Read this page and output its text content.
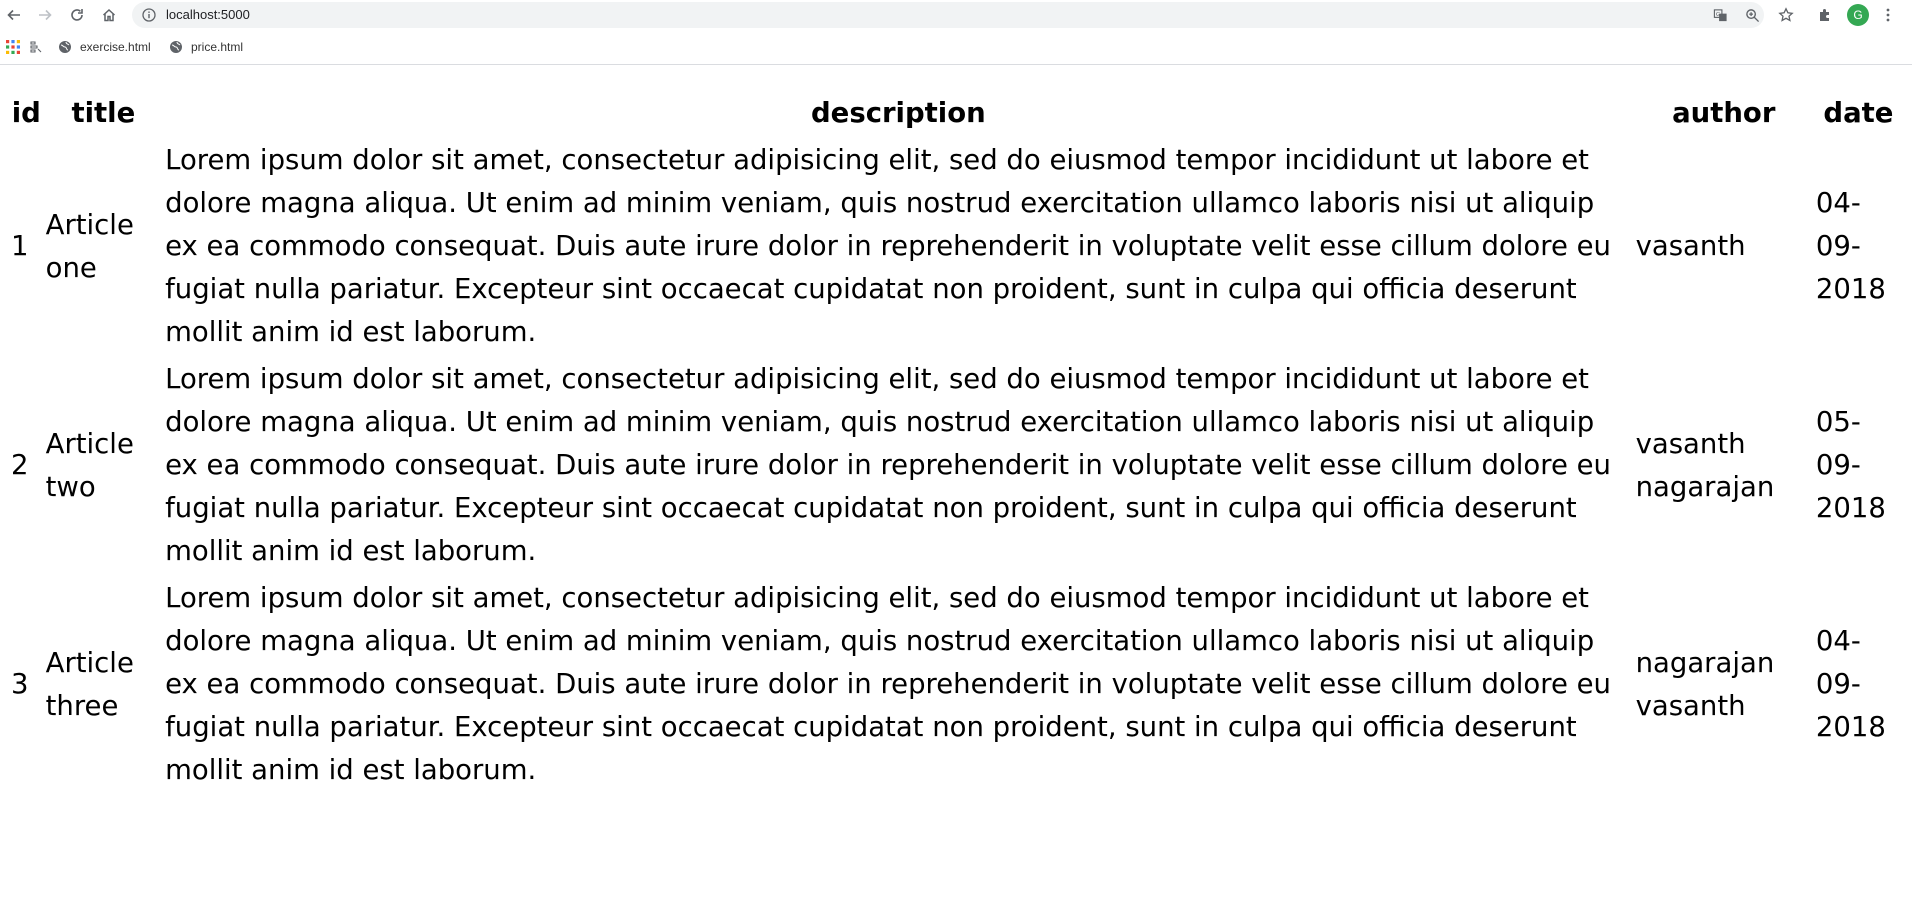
localhost:5000	G	G
exercise.html	price.html
id	title	description	author	date
1	Article one	Lorem ipsum dolor sit amet, consectetur adipisicing elit, sed do eiusmod tempor incididunt ut labore et dolore magna aliqua. Ut enim ad minim veniam, quis nostrud exercitation ullamco laboris nisi ut aliquip ex ea commodo consequat. Duis aute irure dolor in reprehenderit in voluptate velit esse cillum dolore eu fugiat nulla pariatur. Excepteur sint occaecat cupidatat non proident, sunt in culpa qui officia deserunt mollit anim id est laborum.	vasanth	04-09-2018
2	Article two	Lorem ipsum dolor sit amet, consectetur adipisicing elit, sed do eiusmod tempor incididunt ut labore et dolore magna aliqua. Ut enim ad minim veniam, quis nostrud exercitation ullamco laboris nisi ut aliquip ex ea commodo consequat. Duis aute irure dolor in reprehenderit in voluptate velit esse cillum dolore eu fugiat nulla pariatur. Excepteur sint occaecat cupidatat non proident, sunt in culpa qui officia deserunt mollit anim id est laborum.	vasanth nagarajan	05-09-2018
3	Article three	Lorem ipsum dolor sit amet, consectetur adipisicing elit, sed do eiusmod tempor incididunt ut labore et dolore magna aliqua. Ut enim ad minim veniam, quis nostrud exercitation ullamco laboris nisi ut aliquip ex ea commodo consequat. Duis aute irure dolor in reprehenderit in voluptate velit esse cillum dolore eu fugiat nulla pariatur. Excepteur sint occaecat cupidatat non proident, sunt in culpa qui officia deserunt mollit anim id est laborum.	nagarajan vasanth	04-09-2018
